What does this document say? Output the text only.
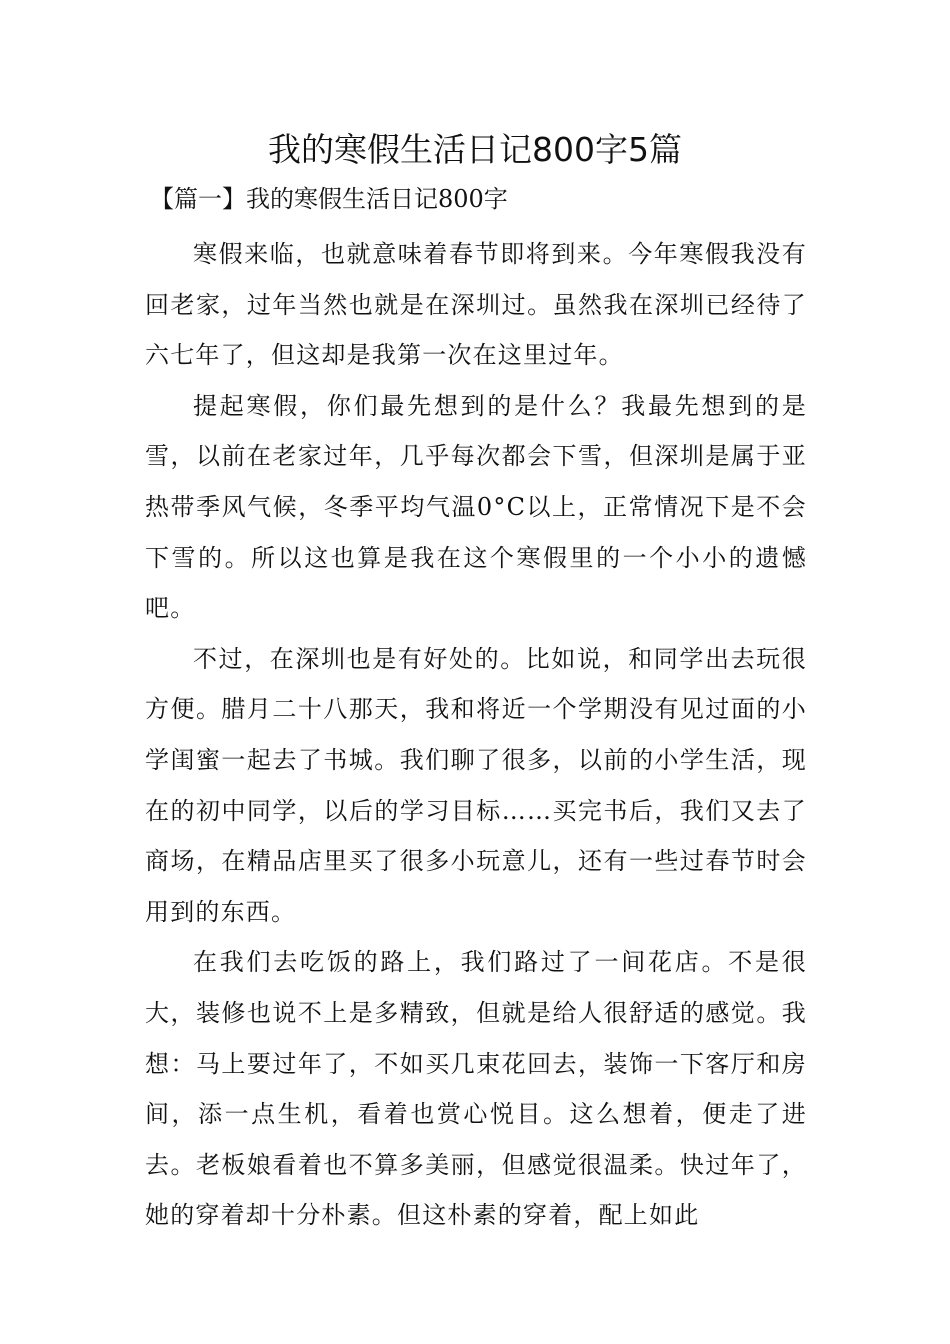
我的寒假生活日记800字5篇
【篇一】我的寒假生活日记800字

寒假来临，也就意味着春节即将到来。今年寒假我没有回老家，过年当然也就是在深圳过。虽然我在深圳已经待了六七年了，但这却是我第一次在这里过年。

提起寒假，你们最先想到的是什么？我最先想到的是雪，以前在老家过年，几乎每次都会下雪，但深圳是属于亚热带季风气候，冬季平均气温0°C以上，正常情况下是不会下雪的。所以这也算是我在这个寒假里的一个小小的遗憾吧。

不过，在深圳也是有好处的。比如说，和同学出去玩很方便。腊月二十八那天，我和将近一个学期没有见过面的小学闺蜜一起去了书城。我们聊了很多，以前的小学生活，现在的初中同学，以后的学习目标……买完书后，我们又去了商场，在精品店里买了很多小玩意儿，还有一些过春节时会用到的东西。

在我们去吃饭的路上，我们路过了一间花店。不是很大，装修也说不上是多精致，但就是给人很舒适的感觉。我想：马上要过年了，不如买几束花回去，装饰一下客厅和房间，添一点生机，看着也赏心悦目。这么想着，便走了进去。老板娘看着也不算多美丽，但感觉很温柔。快过年了，她的穿着却十分朴素。但这朴素的穿着，配上如此
